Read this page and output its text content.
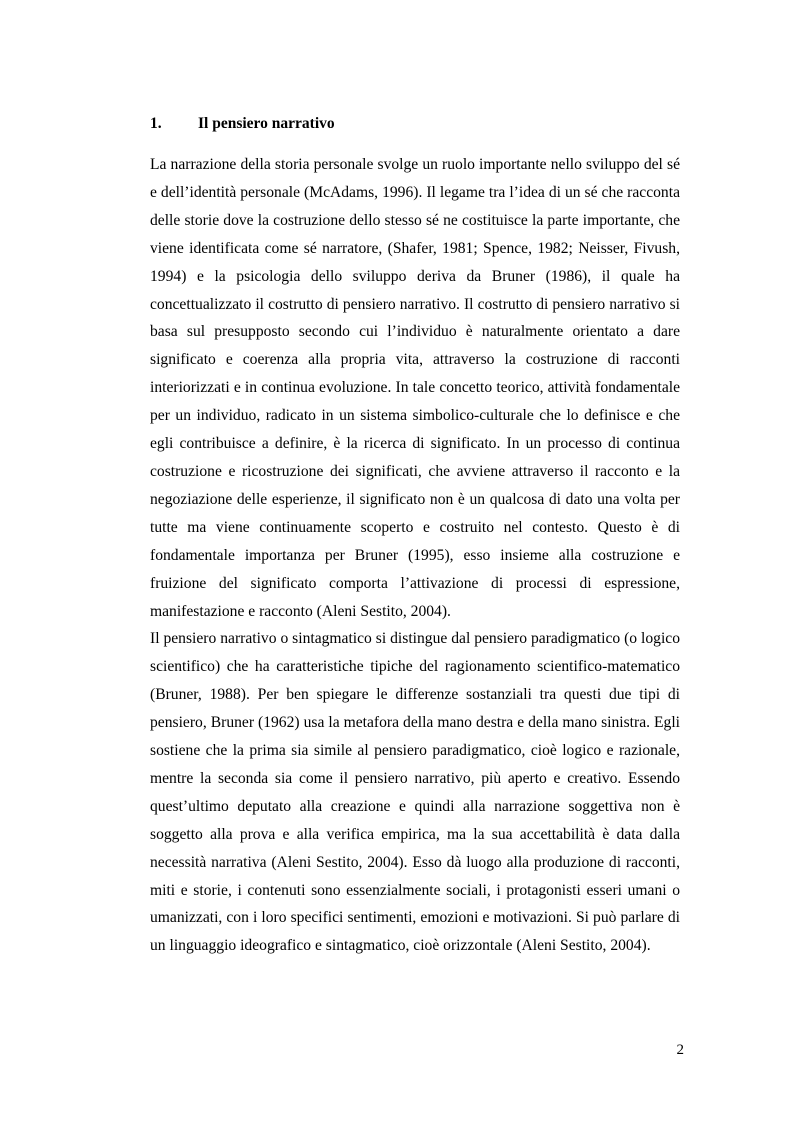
1. Il pensiero narrativo

La narrazione della storia personale svolge un ruolo importante nello sviluppo del sé e dell’identità personale (McAdams, 1996). Il legame tra l’idea di un sé che racconta delle storie dove la costruzione dello stesso sé ne costituisce la parte importante, che viene identificata come sé narratore, (Shafer, 1981; Spence, 1982; Neisser, Fivush, 1994) e la psicologia dello sviluppo deriva da Bruner (1986), il quale ha concettualizzato il costrutto di pensiero narrativo. Il costrutto di pensiero narrativo si basa sul presupposto secondo cui l’individuo è naturalmente orientato a dare significato e coerenza alla propria vita, attraverso la costruzione di racconti interiorizzati e in continua evoluzione. In tale concetto teorico, attività fondamentale per un individuo, radicato in un sistema simbolico-culturale che lo definisce e che egli contribuisce a definire, è la ricerca di significato. In un processo di continua costruzione e ricostruzione dei significati, che avviene attraverso il racconto e la negoziazione delle esperienze, il significato non è un qualcosa di dato una volta per tutte ma viene continuamente scoperto e costruito nel contesto. Questo è di fondamentale importanza per Bruner (1995), esso insieme alla costruzione e fruizione del significato comporta l’attivazione di processi di espressione, manifestazione e racconto (Aleni Sestito, 2004).

Il pensiero narrativo o sintagmatico si distingue dal pensiero paradigmatico (o logico scientifico) che ha caratteristiche tipiche del ragionamento scientifico-matematico (Bruner, 1988). Per ben spiegare le differenze sostanziali tra questi due tipi di pensiero, Bruner (1962) usa la metafora della mano destra e della mano sinistra. Egli sostiene che la prima sia simile al pensiero paradigmatico, cioè logico e razionale, mentre la seconda sia come il pensiero narrativo, più aperto e creativo. Essendo quest’ultimo deputato alla creazione e quindi alla narrazione soggettiva non è soggetto alla prova e alla verifica empirica, ma la sua accettabilità è data dalla necessità narrativa (Aleni Sestito, 2004). Esso dà luogo alla produzione di racconti, miti e storie, i contenuti sono essenzialmente sociali, i protagonisti esseri umani o umanizzati, con i loro specifici sentimenti, emozioni e motivazioni. Si può parlare di un linguaggio ideografico e sintagmatico, cioè orizzontale (Aleni Sestito, 2004).

2
